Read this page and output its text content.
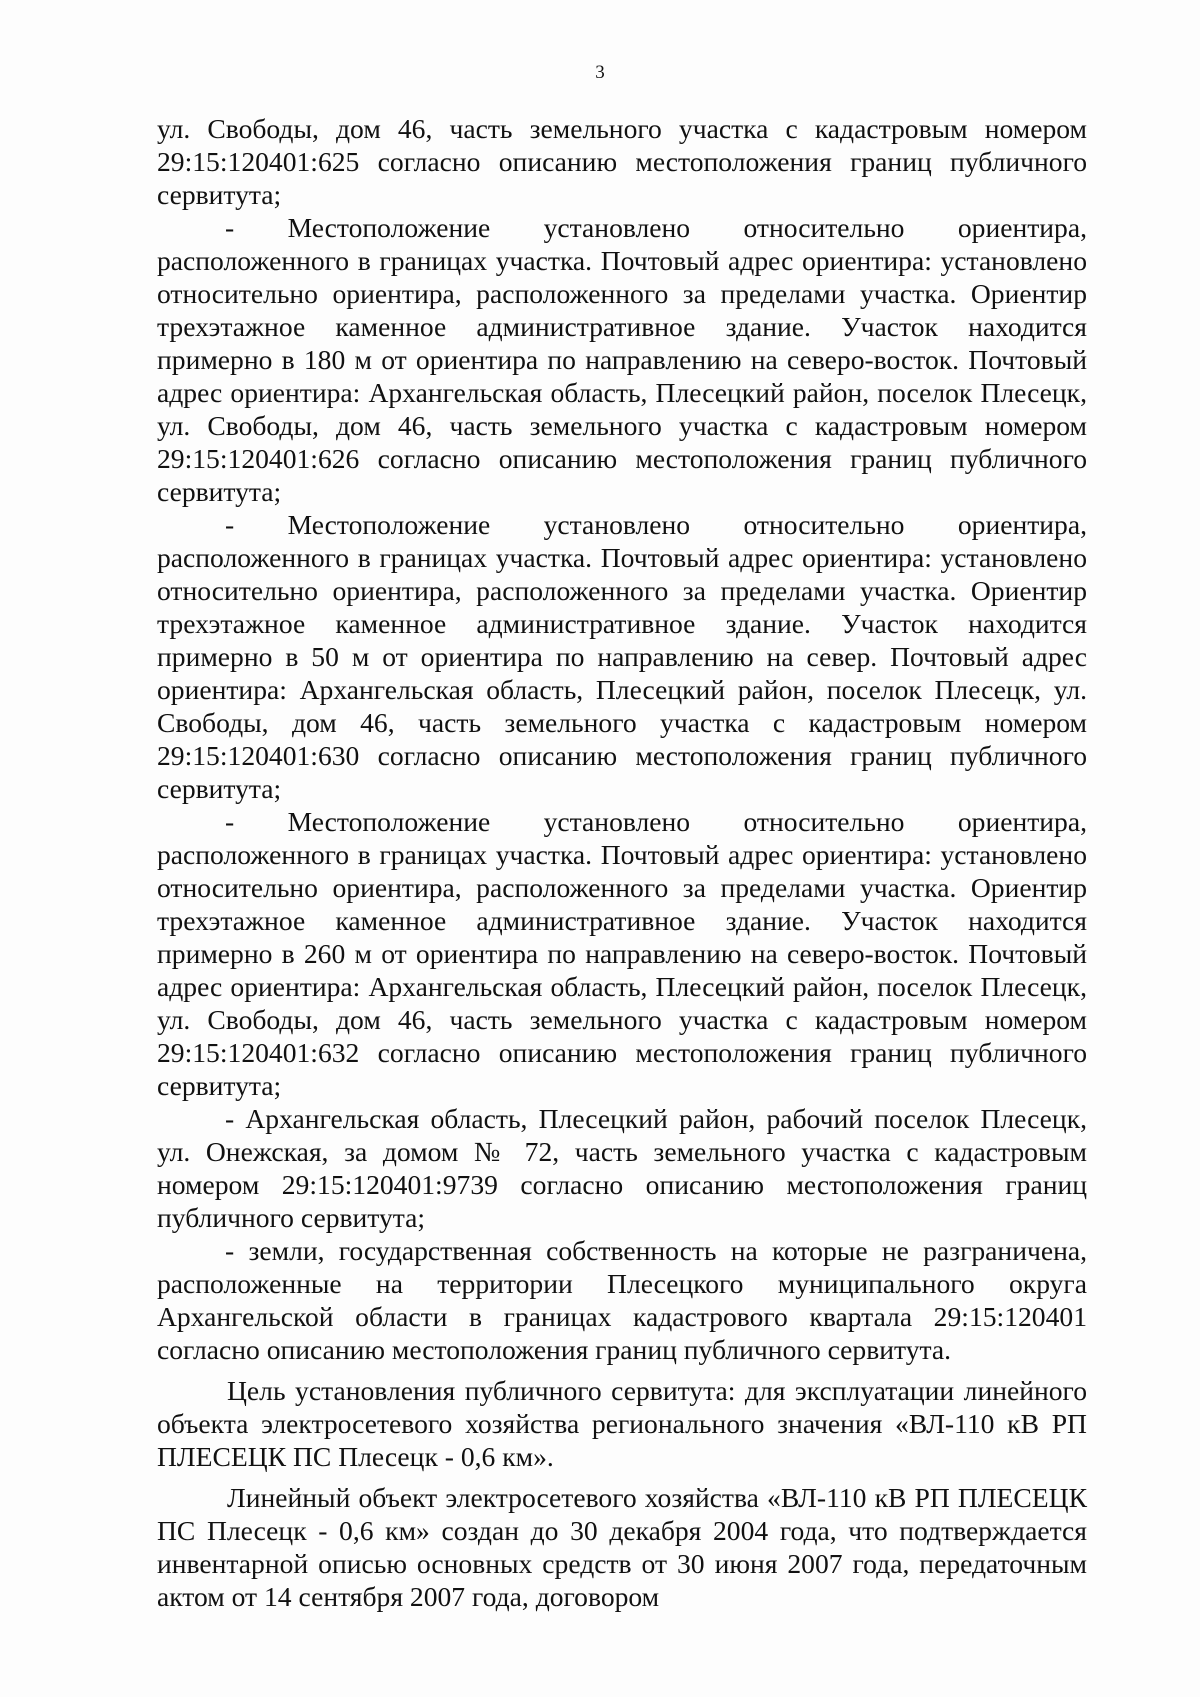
3

ул. Свободы, дом 46, часть земельного участка с кадастровым номером 29:15:120401:625 согласно описанию местоположения границ публичного сервитута;

- Местоположение установлено относительно ориентира, расположенного в границах участка. Почтовый адрес ориентира: установлено относительно ориентира, расположенного за пределами участка. Ориентир трехэтажное каменное административное здание. Участок находится примерно в 180 м от ориентира по направлению на северо-восток. Почтовый адрес ориентира: Архангельская область, Плесецкий район, поселок Плесецк, ул. Свободы, дом 46, часть земельного участка с кадастровым номером 29:15:120401:626 согласно описанию местоположения границ публичного сервитута;

- Местоположение установлено относительно ориентира, расположенного в границах участка. Почтовый адрес ориентира: установлено относительно ориентира, расположенного за пределами участка. Ориентир трехэтажное каменное административное здание. Участок находится примерно в 50 м от ориентира по направлению на север. Почтовый адрес ориентира: Архангельская область, Плесецкий район, поселок Плесецк, ул. Свободы, дом 46, часть земельного участка с кадастровым номером 29:15:120401:630 согласно описанию местоположения границ публичного сервитута;

- Местоположение установлено относительно ориентира, расположенного в границах участка. Почтовый адрес ориентира: установлено относительно ориентира, расположенного за пределами участка. Ориентир трехэтажное каменное административное здание. Участок находится примерно в 260 м от ориентира по направлению на северо-восток. Почтовый адрес ориентира: Архангельская область, Плесецкий район, поселок Плесецк, ул. Свободы, дом 46, часть земельного участка с кадастровым номером 29:15:120401:632 согласно описанию местоположения границ публичного сервитута;

- Архангельская область, Плесецкий район, рабочий поселок Плесецк, ул. Онежская, за домом № 72, часть земельного участка с кадастровым номером 29:15:120401:9739 согласно описанию местоположения границ публичного сервитута;

- земли, государственная собственность на которые не разграничена, расположенные на территории Плесецкого муниципального округа Архангельской области в границах кадастрового квартала 29:15:120401 согласно описанию местоположения границ публичного сервитута.

Цель установления публичного сервитута: для эксплуатации линейного объекта электросетевого хозяйства регионального значения «ВЛ-110 кВ РП ПЛЕСЕЦК ПС Плесецк - 0,6 км».

Линейный объект электросетевого хозяйства «ВЛ-110 кВ РП ПЛЕСЕЦК ПС Плесецк - 0,6 км» создан до 30 декабря 2004 года, что подтверждается инвентарной описью основных средств от 30 июня 2007 года, передаточным актом от 14 сентября 2007 года, договором
